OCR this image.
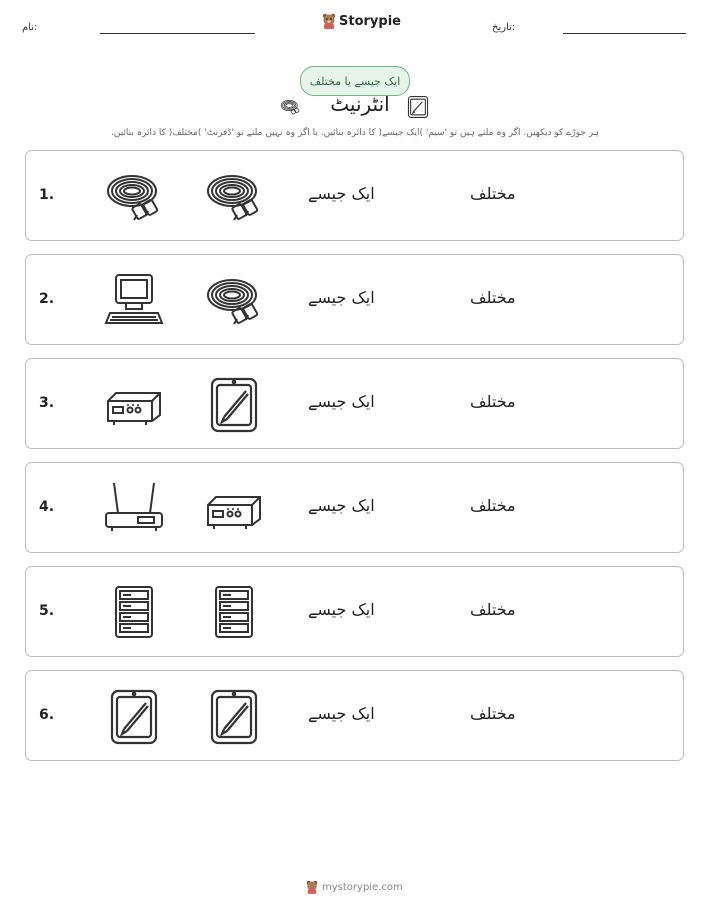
نام:	Storypie	تاریخ:
ایک جیسے یا مختلف
انٹرنیٹ
ہر جوڑے کو دیکھیں. اگر وہ ملتے ہیں تو 'سیم' )ایک جیسے( کا دائرہ بنائیں. یا اگر وہ نہیں ملتے تو 'ڈفرنٹ' )مختلف( کا دائرہ بنائیں.
1.	ایک جیسے	مختلف
2.	ایک جیسے	مختلف
3.	ایک جیسے	مختلف
4.	ایک جیسے	مختلف
5.	ایک جیسے	مختلف
6.	ایک جیسے	مختلف
mystorypie.com
